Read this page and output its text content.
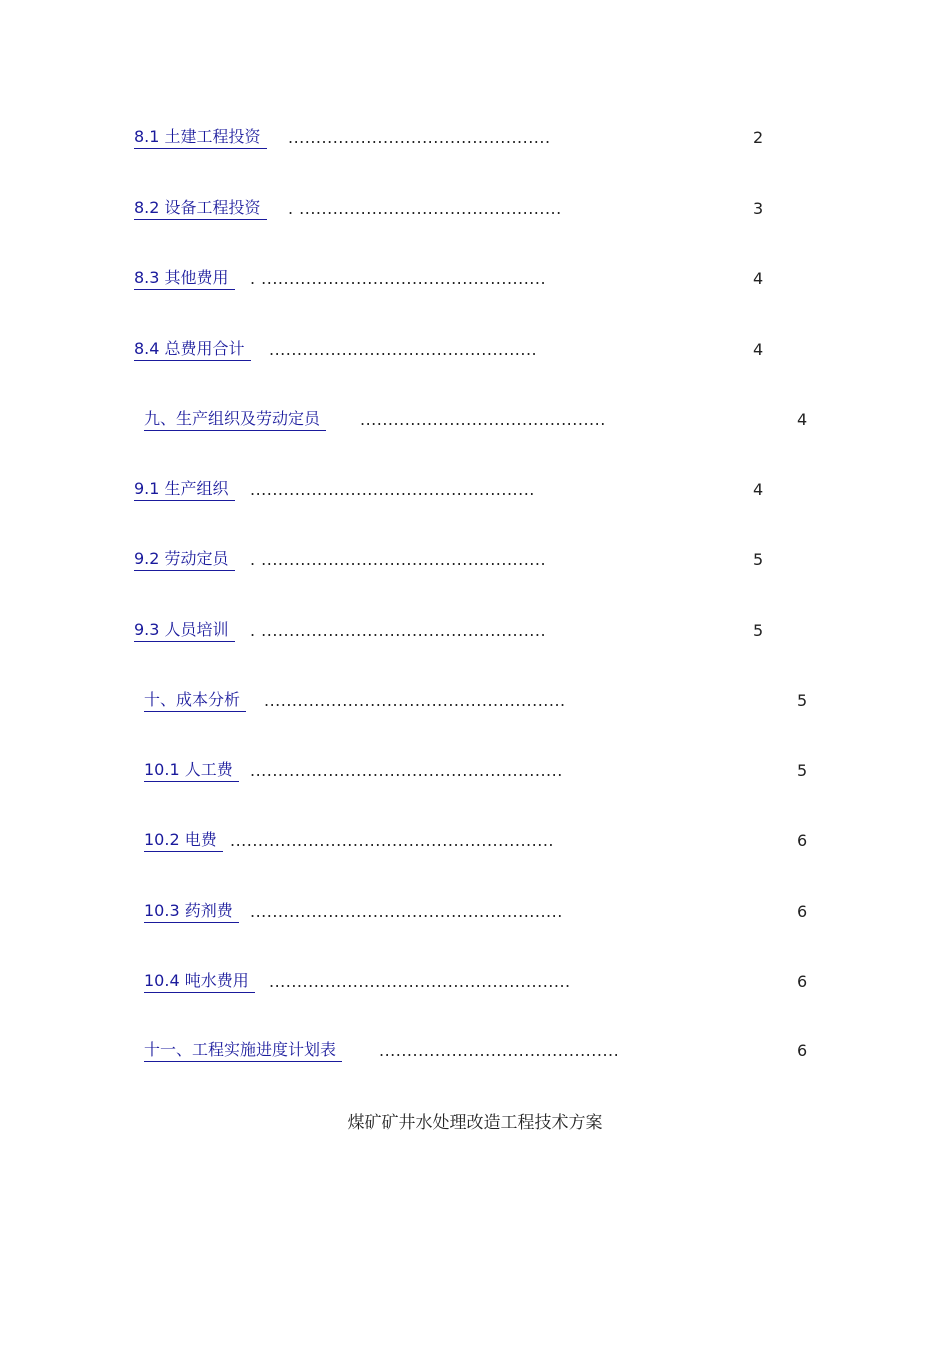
8.1 土建工程投资	...............................................	2
8.2 设备工程投资	. ...............................................	3
8.3 其他费用	. ...................................................	4
8.4 总费用合计	................................................	4
九、生产组织及劳动定员	............................................	4
9.1 生产组织	...................................................	4
9.2 劳动定员	. ...................................................	5
9.3 人员培训	. ...................................................	5
十、成本分析	......................................................	5
10.1 人工费	........................................................	5
10.2 电费 ..........................................................	6
10.3 药剂费	........................................................	6
10.4 吨水费用	......................................................	6
十一、工程实施进度计划表	...........................................	6
煤矿矿井水处理改造工程技术方案
